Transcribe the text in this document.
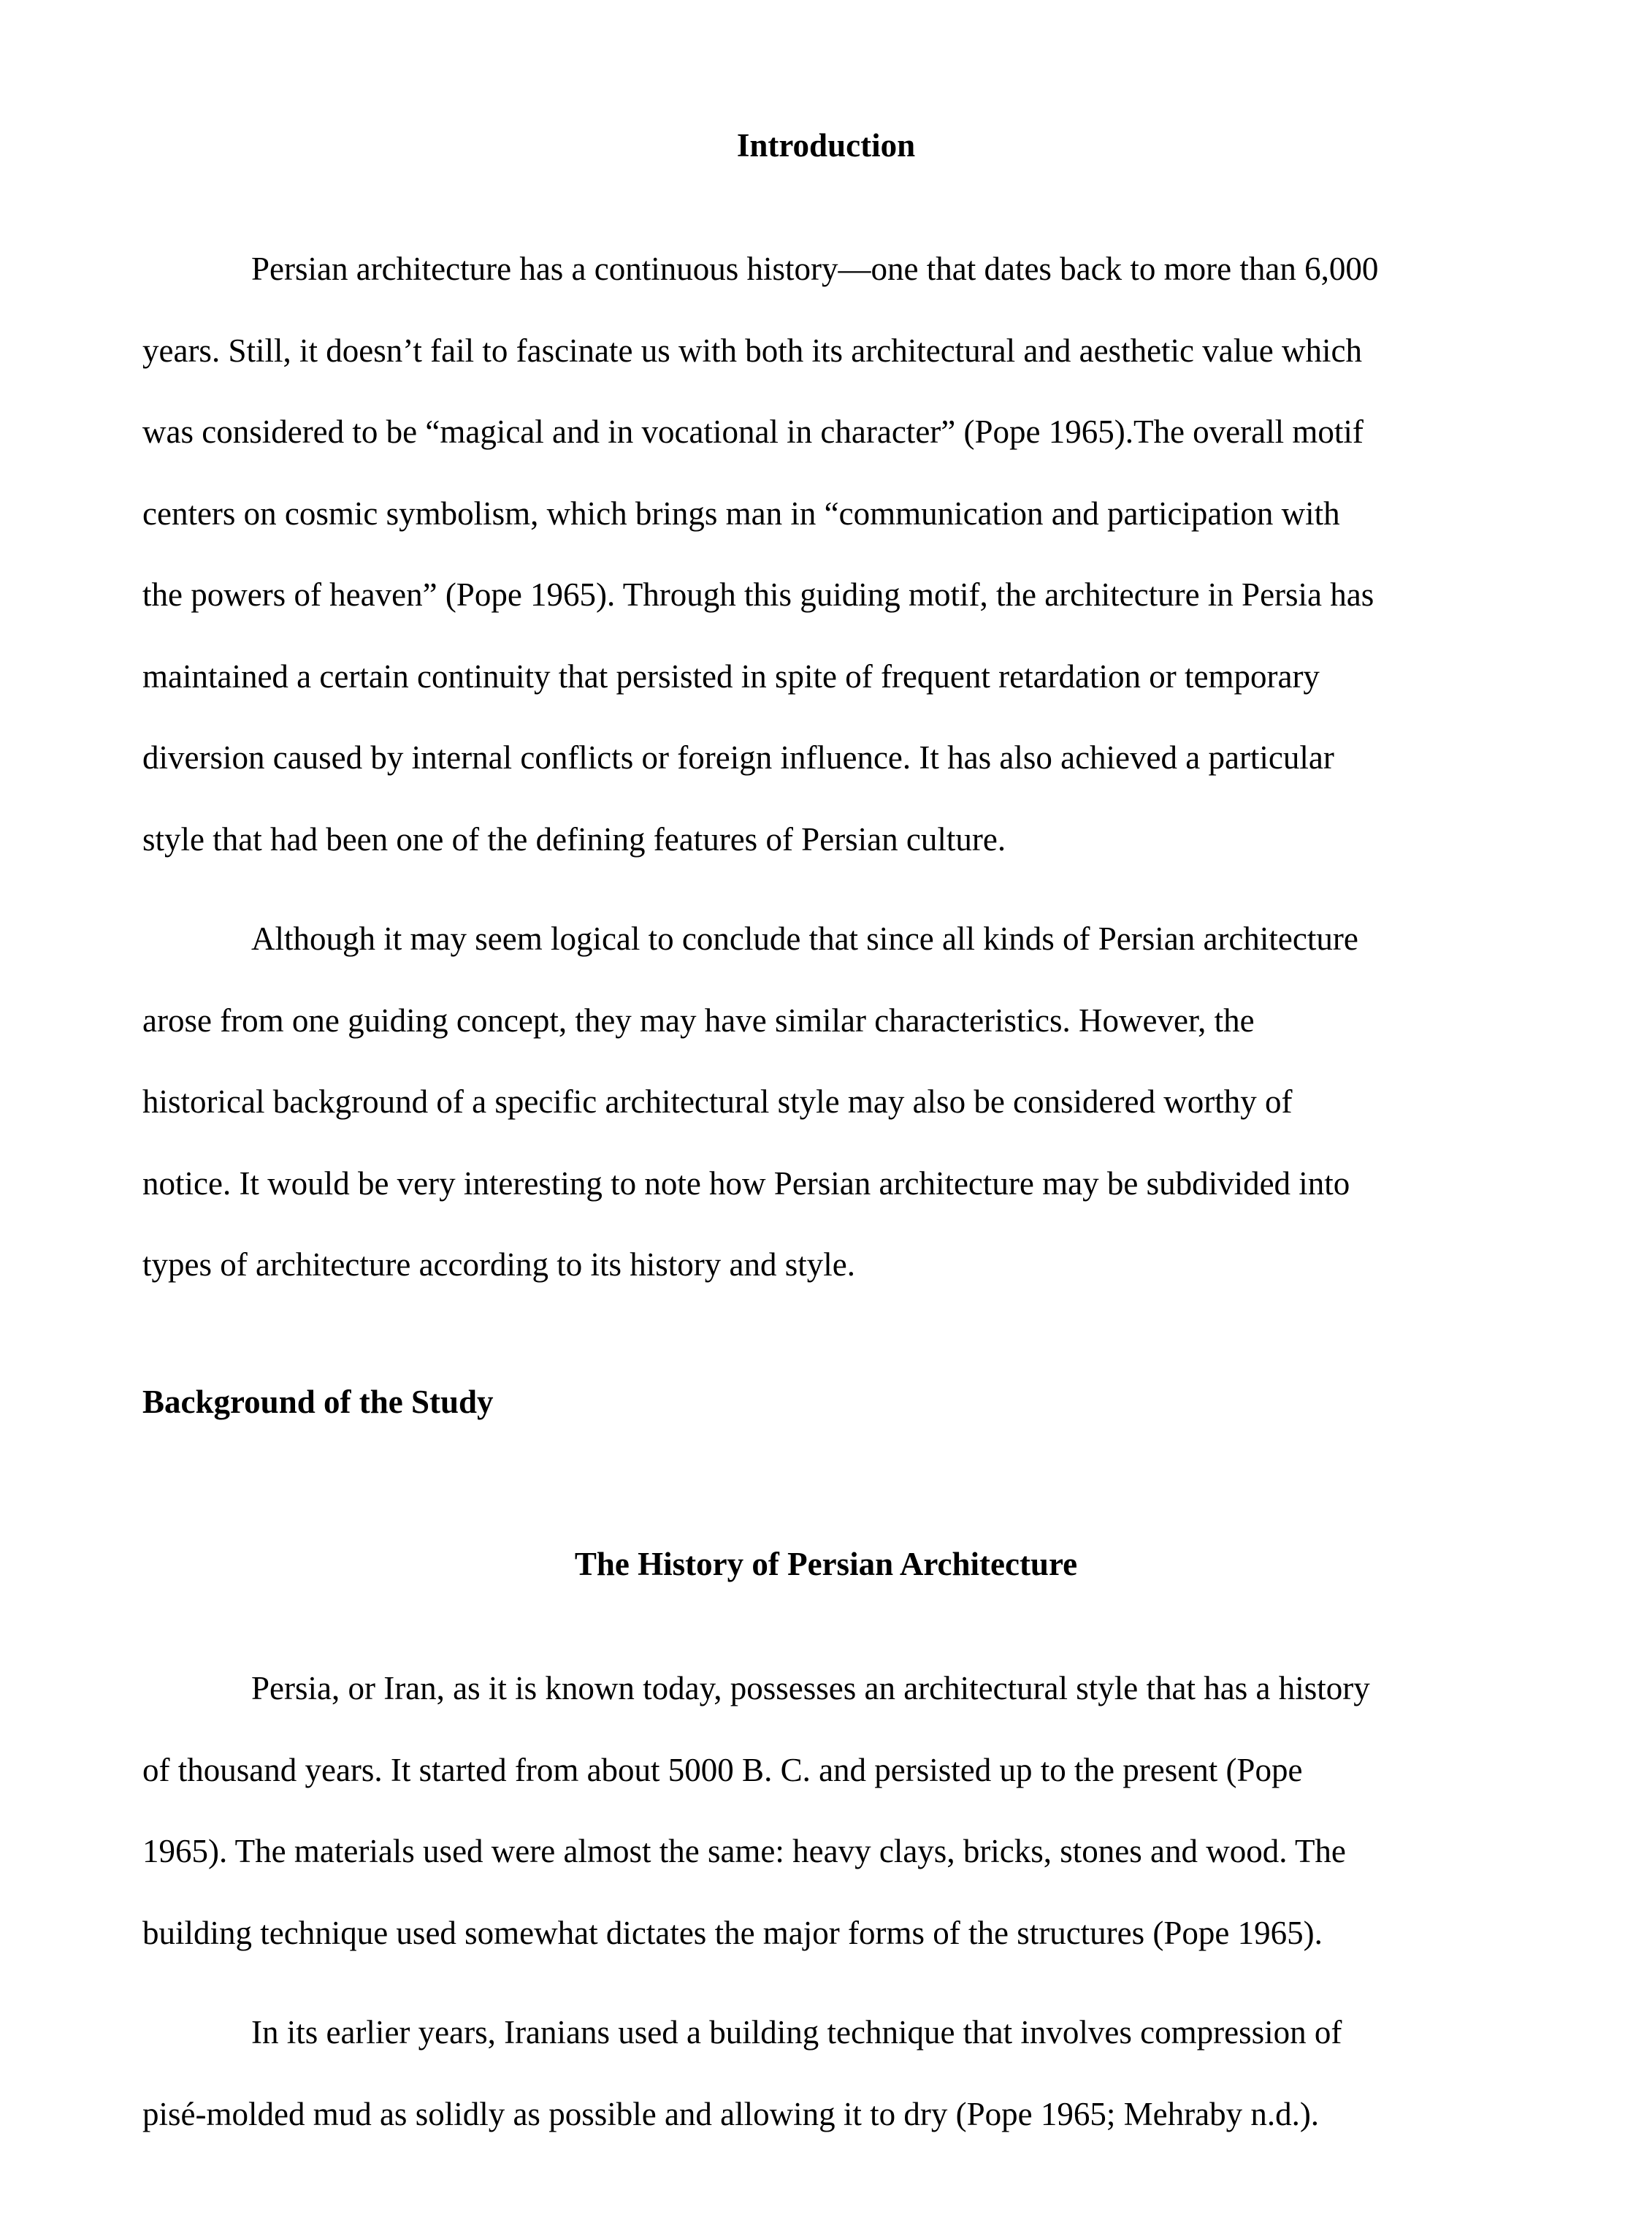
Introduction
Persian architecture has a continuous history—one that dates back to more than 6,000
years. Still, it doesn’t fail to fascinate us with both its architectural and aesthetic value which
was considered to be “magical and in vocational in character” (Pope 1965).The overall motif
centers on cosmic symbolism, which brings man in “communication and participation with
the powers of heaven” (Pope 1965). Through this guiding motif, the architecture in Persia has
maintained a certain continuity that persisted in spite of frequent retardation or temporary
diversion caused by internal conflicts or foreign influence. It has also achieved a particular
style that had been one of the defining features of Persian culture.
Although it may seem logical to conclude that since all kinds of Persian architecture
arose from one guiding concept, they may have similar characteristics. However, the
historical background of a specific architectural style may also be considered worthy of
notice. It would be very interesting to note how Persian architecture may be subdivided into
types of architecture according to its history and style.
Background of the Study
The History of Persian Architecture
Persia, or Iran, as it is known today, possesses an architectural style that has a history
of thousand years. It started from about 5000 B. C. and persisted up to the present (Pope
1965). The materials used were almost the same: heavy clays, bricks, stones and wood. The
building technique used somewhat dictates the major forms of the structures (Pope 1965).
In its earlier years, Iranians used a building technique that involves compression of
pisé-molded mud as solidly as possible and allowing it to dry (Pope 1965; Mehraby n.d.).
